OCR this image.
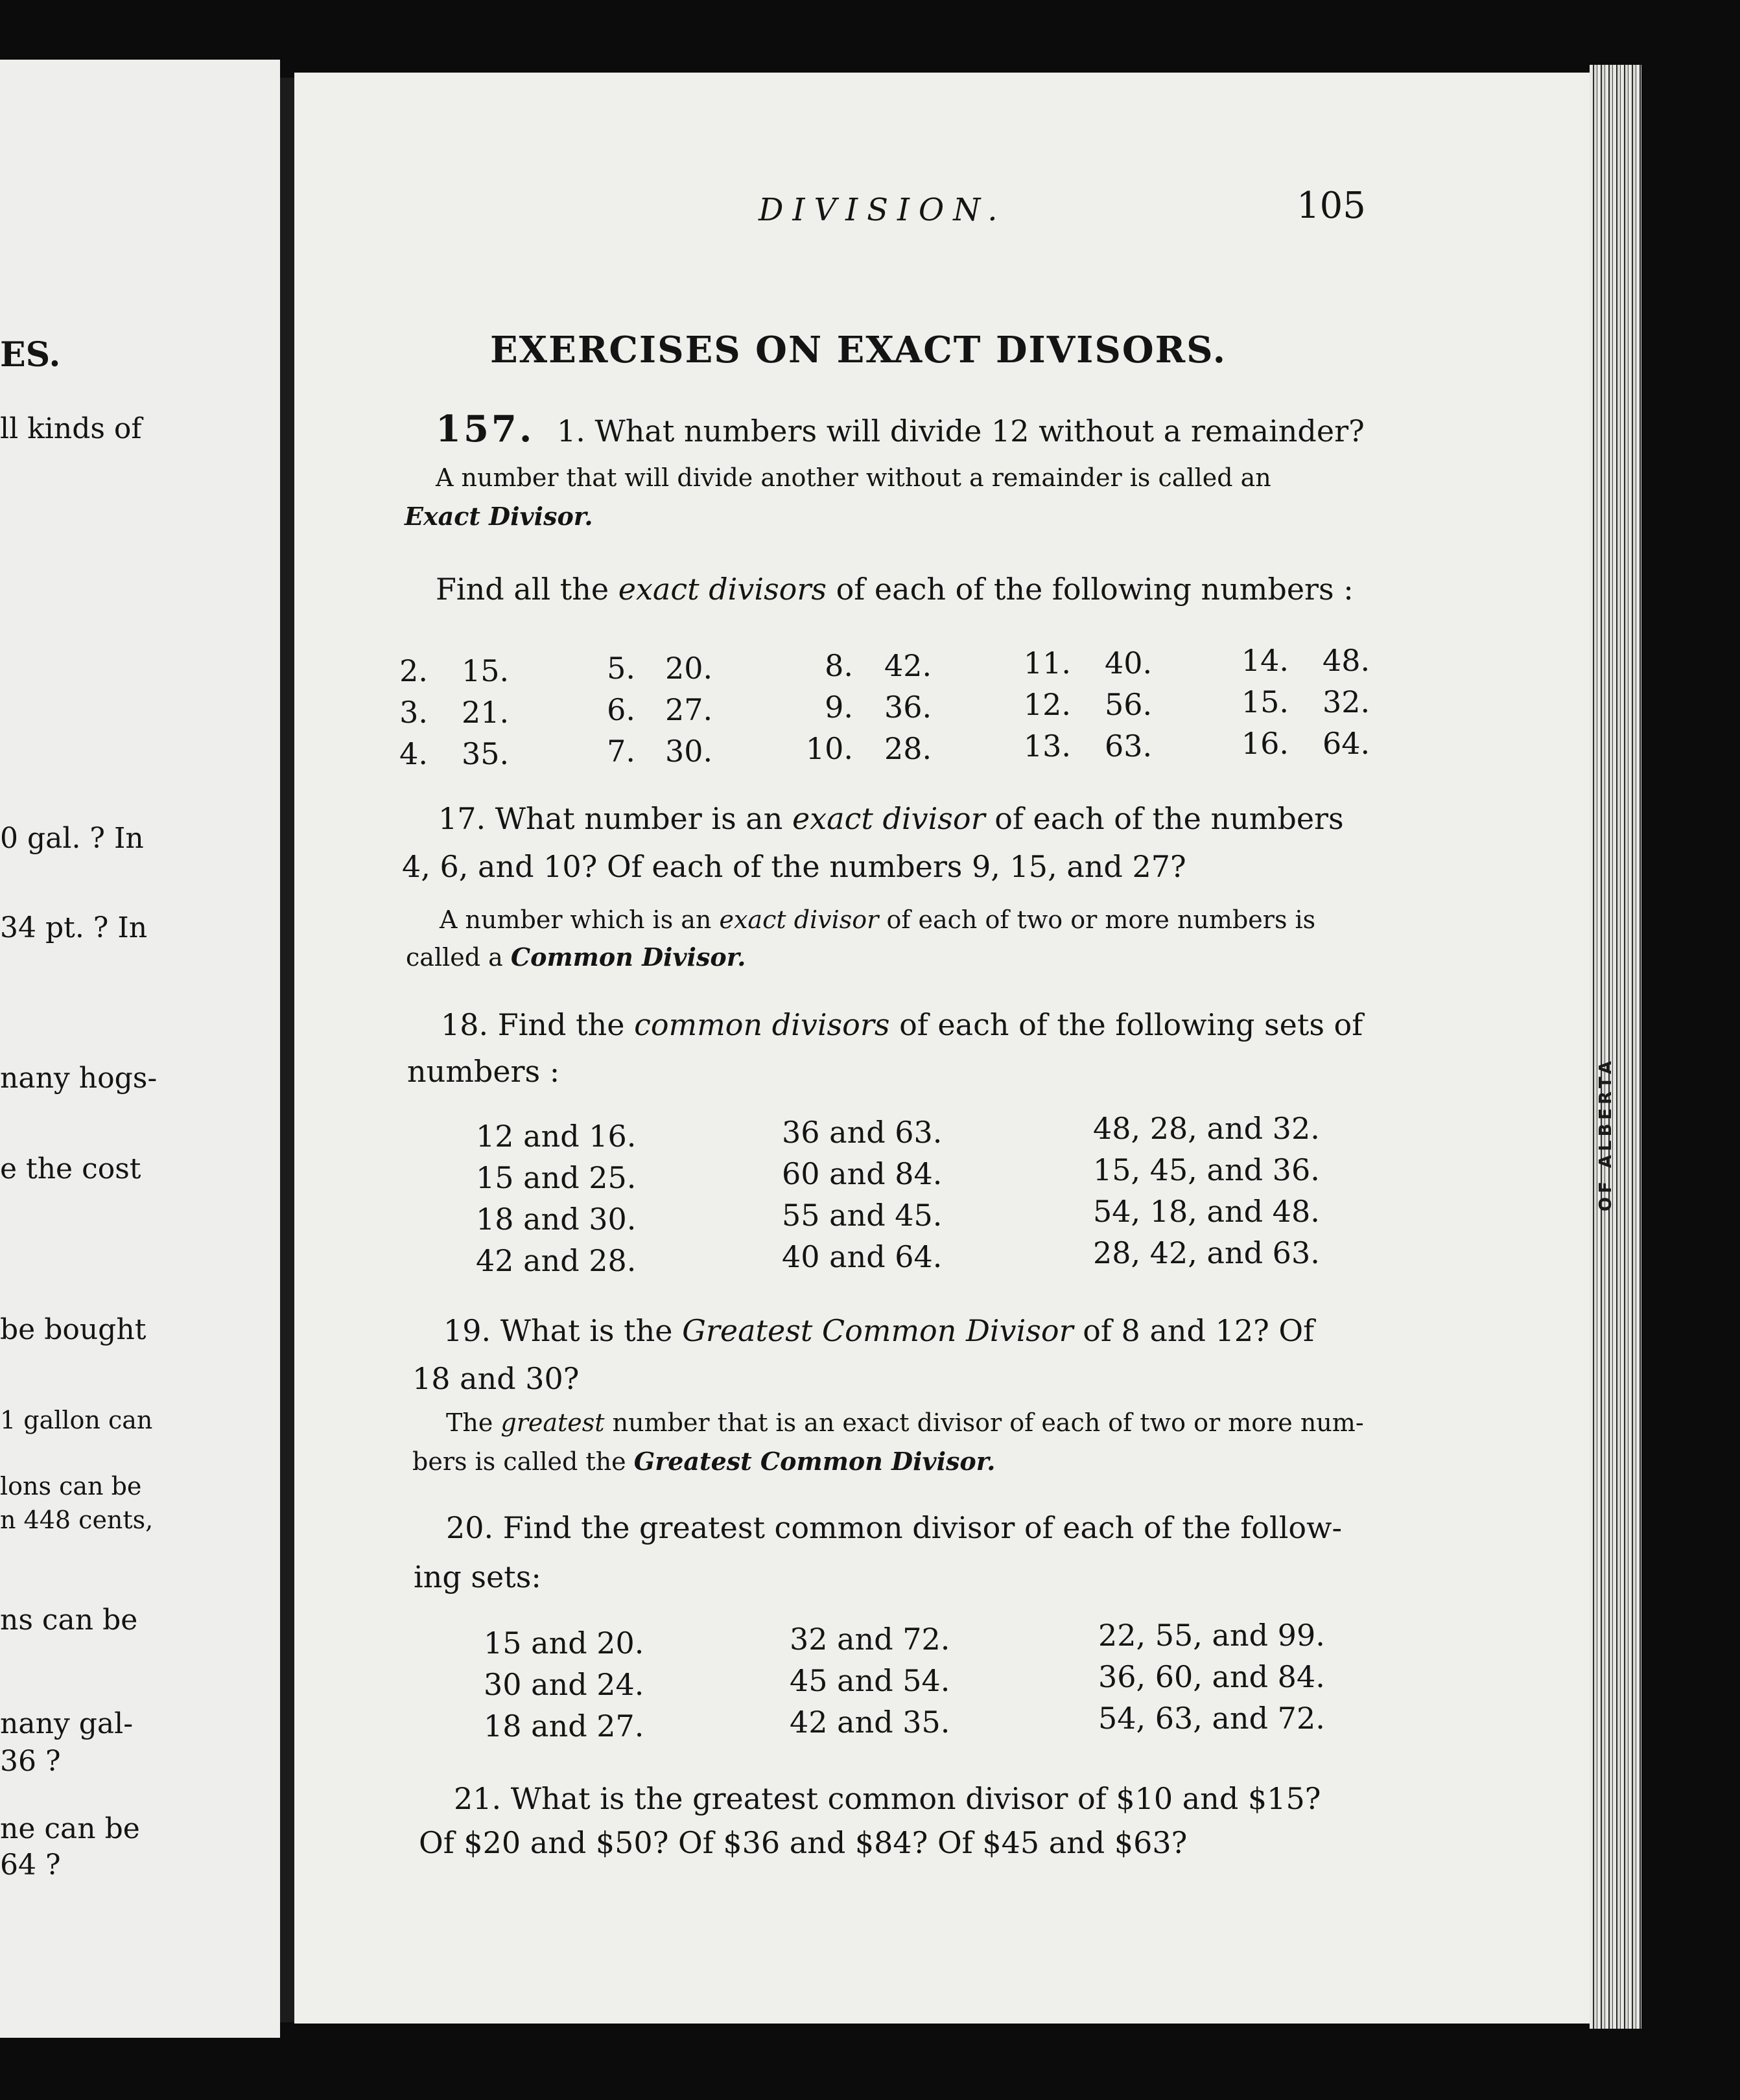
ES.
ll kinds of
0 gal. ? In
34 pt. ? In
nany hogs-
e the cost
be bought
1 gallon can
lons can be
n 448 cents,
ns can be
nany gal-
36 ?
ne can be
64 ?
OF ALBERTA
DIVISION.	105
EXERCISES ON EXACT DIVISORS.
157. 1. What numbers will divide 12 without a remainder?
A number that will divide another without a remainder is called an
Exact Divisor.
Find all the exact divisors of each of the following numbers :
2. 15.
3. 21.
4. 35.
5. 20.
6. 27.
7. 30.
8. 42.
9. 36.
10. 28.
11. 40.
12. 56.
13. 63.
14. 48.
15. 32.
16. 64.
17. What number is an exact divisor of each of the numbers
4, 6, and 10? Of each of the numbers 9, 15, and 27?
A number which is an exact divisor of each of two or more numbers is
called a Common Divisor.
18. Find the common divisors of each of the following sets of
numbers :
12 and 16.
15 and 25.
18 and 30.
42 and 28.
36 and 63.
60 and 84.
55 and 45.
40 and 64.
48, 28, and 32.
15, 45, and 36.
54, 18, and 48.
28, 42, and 63.
19. What is the Greatest Common Divisor of 8 and 12? Of
18 and 30?
The greatest number that is an exact divisor of each of two or more num-
bers is called the Greatest Common Divisor.
20. Find the greatest common divisor of each of the follow-
ing sets:
15 and 20.
30 and 24.
18 and 27.
32 and 72.
45 and 54.
42 and 35.
22, 55, and 99.
36, 60, and 84.
54, 63, and 72.
21. What is the greatest common divisor of $10 and $15?
Of $20 and $50? Of $36 and $84? Of $45 and $63?
